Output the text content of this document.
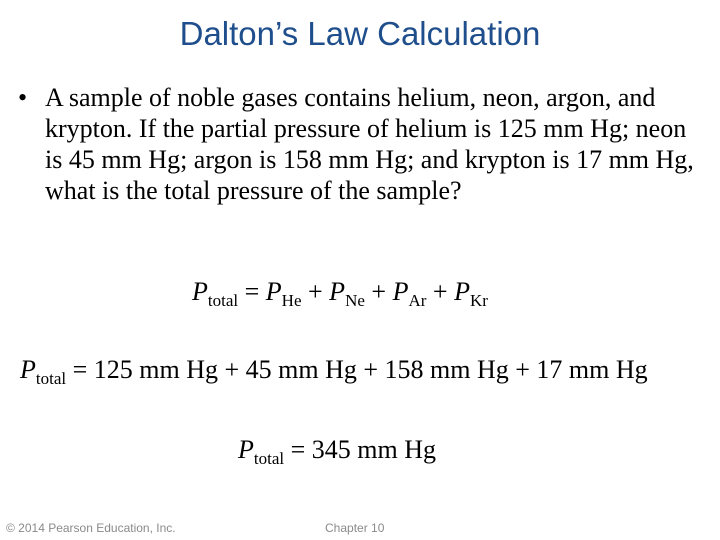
Dalton’s Law Calculation
• A sample of noble gases contains helium, neon, argon, and krypton. If the partial pressure of helium is 125 mm Hg; neon is 45 mm Hg; argon is 158 mm Hg; and krypton is 17 mm Hg, what is the total pressure of the sample?
$P_{total} = P_{He} + P_{Ne} + P_{Ar} + P_{Kr}$
$P_{total} = 125$ mm Hg + 45 mm Hg + 158 mm Hg + 17 mm Hg
$P_{total} = 345$ mm Hg
© 2014 Pearson Education, Inc.	Chapter 10
